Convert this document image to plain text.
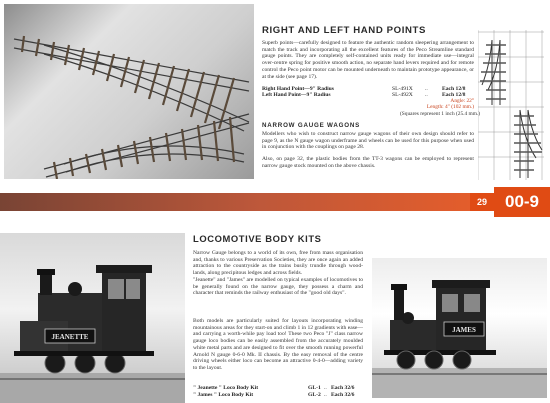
RIGHT AND LEFT HAND POINTS

Superb points—carefully designed to feature the authentic random sleepering arrangement to match the track and incorporating all the excellent features of the Peco Streamline standard gauge points. They are completely self-contained units ready for immediate use—integral over-centre spring for positive smooth action, no separate hand levers required and for remote control the Peco point motor can be mounted underneath to maintain prototype appearance, or at the side (see page 17).

Right Hand Point—9" Radius	SL-491X ..	Each 12/8
Left Hand Point—9" Radius	SL-492X ..	Each 12/8
Angle: 22°
Length: 4" (102 mm.)
(Squares represent 1 inch (25.4 mm.)
NARROW GAUGE WAGONS

Modellers who wish to construct narrow gauge wagons of their own design should refer to page 9, as the N gauge wagon underframe and wheels can be used for this purpose when used in conjunction with the couplings on page 28.

Also, on page 32, the plastic bodies from the TT-3 wagons can be employed to represent narrow gauge stock mounted on the above chassis.

29	00-9
JEANETTE
LOCOMOTIVE BODY KITS

Narrow Gauge belongs to a world of its own, free from mass organisation and, thanks to various Preservation Societies, they are once again an added attraction to the countryside as the trains busily trundle through wood-lands, along precipitous ledges and across fields.

"Jeanette" and "James" are modelled on typical examples of locomotives to be generally found on the narrow gauge, they possess a charm and character that reminds the railway enthusiast of the "good old days".

Both models are particularly suited for layouts incorporating winding mountainous areas for they start-on and climb 1 in 12 gradients with ease—and carrying a worth-while pay load too! These two Peco "J" class narrow gauge loco bodies can be easily assembled from the accurately moulded white metal parts and are designed to fit over the smooth running powerful Arnold N gauge 0-6-0 Mk. II chassis. By the easy removal of the centre driving wheels either loco can become an attractive 0-4-0—adding variety to the layout.

" Jeanette " Loco Body Kit	GL-1 .. Each 32/6
" James " Loco Body Kit	GL-2 .. Each 32/6
JAMES
